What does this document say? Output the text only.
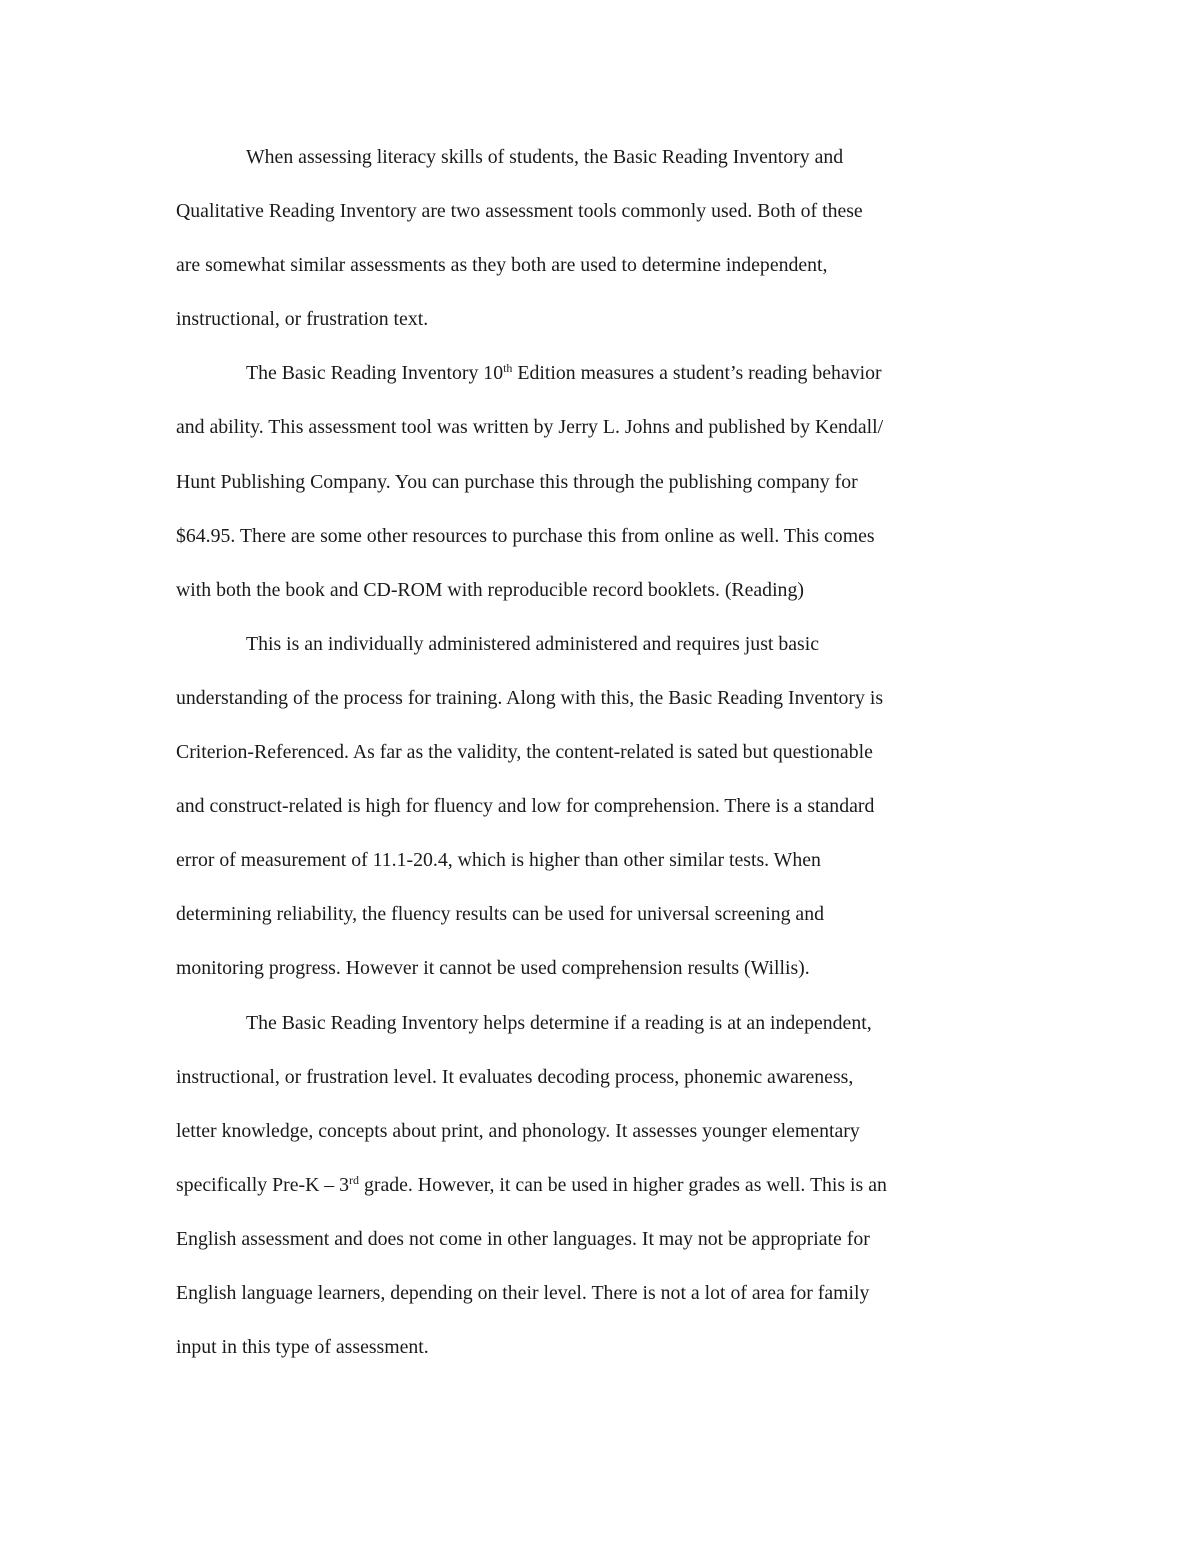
When assessing literacy skills of students, the Basic Reading Inventory and
Qualitative Reading Inventory are two assessment tools commonly used. Both of these
are somewhat similar assessments as they both are used to determine independent,
instructional, or frustration text.

The Basic Reading Inventory 10th Edition measures a student’s reading behavior
and ability. This assessment tool was written by Jerry L. Johns and published by Kendall/
Hunt Publishing Company. You can purchase this through the publishing company for
$64.95. There are some other resources to purchase this from online as well. This comes
with both the book and CD-ROM with reproducible record booklets. (Reading)

This is an individually administered administered and requires just basic
understanding of the process for training. Along with this, the Basic Reading Inventory is
Criterion-Referenced. As far as the validity, the content-related is sated but questionable
and construct-related is high for fluency and low for comprehension. There is a standard
error of measurement of 11.1-20.4, which is higher than other similar tests. When
determining reliability, the fluency results can be used for universal screening and
monitoring progress. However it cannot be used comprehension results (Willis).

The Basic Reading Inventory helps determine if a reading is at an independent,
instructional, or frustration level. It evaluates decoding process, phonemic awareness,
letter knowledge, concepts about print, and phonology. It assesses younger elementary
specifically Pre-K – 3rd grade. However, it can be used in higher grades as well. This is an
English assessment and does not come in other languages. It may not be appropriate for
English language learners, depending on their level. There is not a lot of area for family
input in this type of assessment.
